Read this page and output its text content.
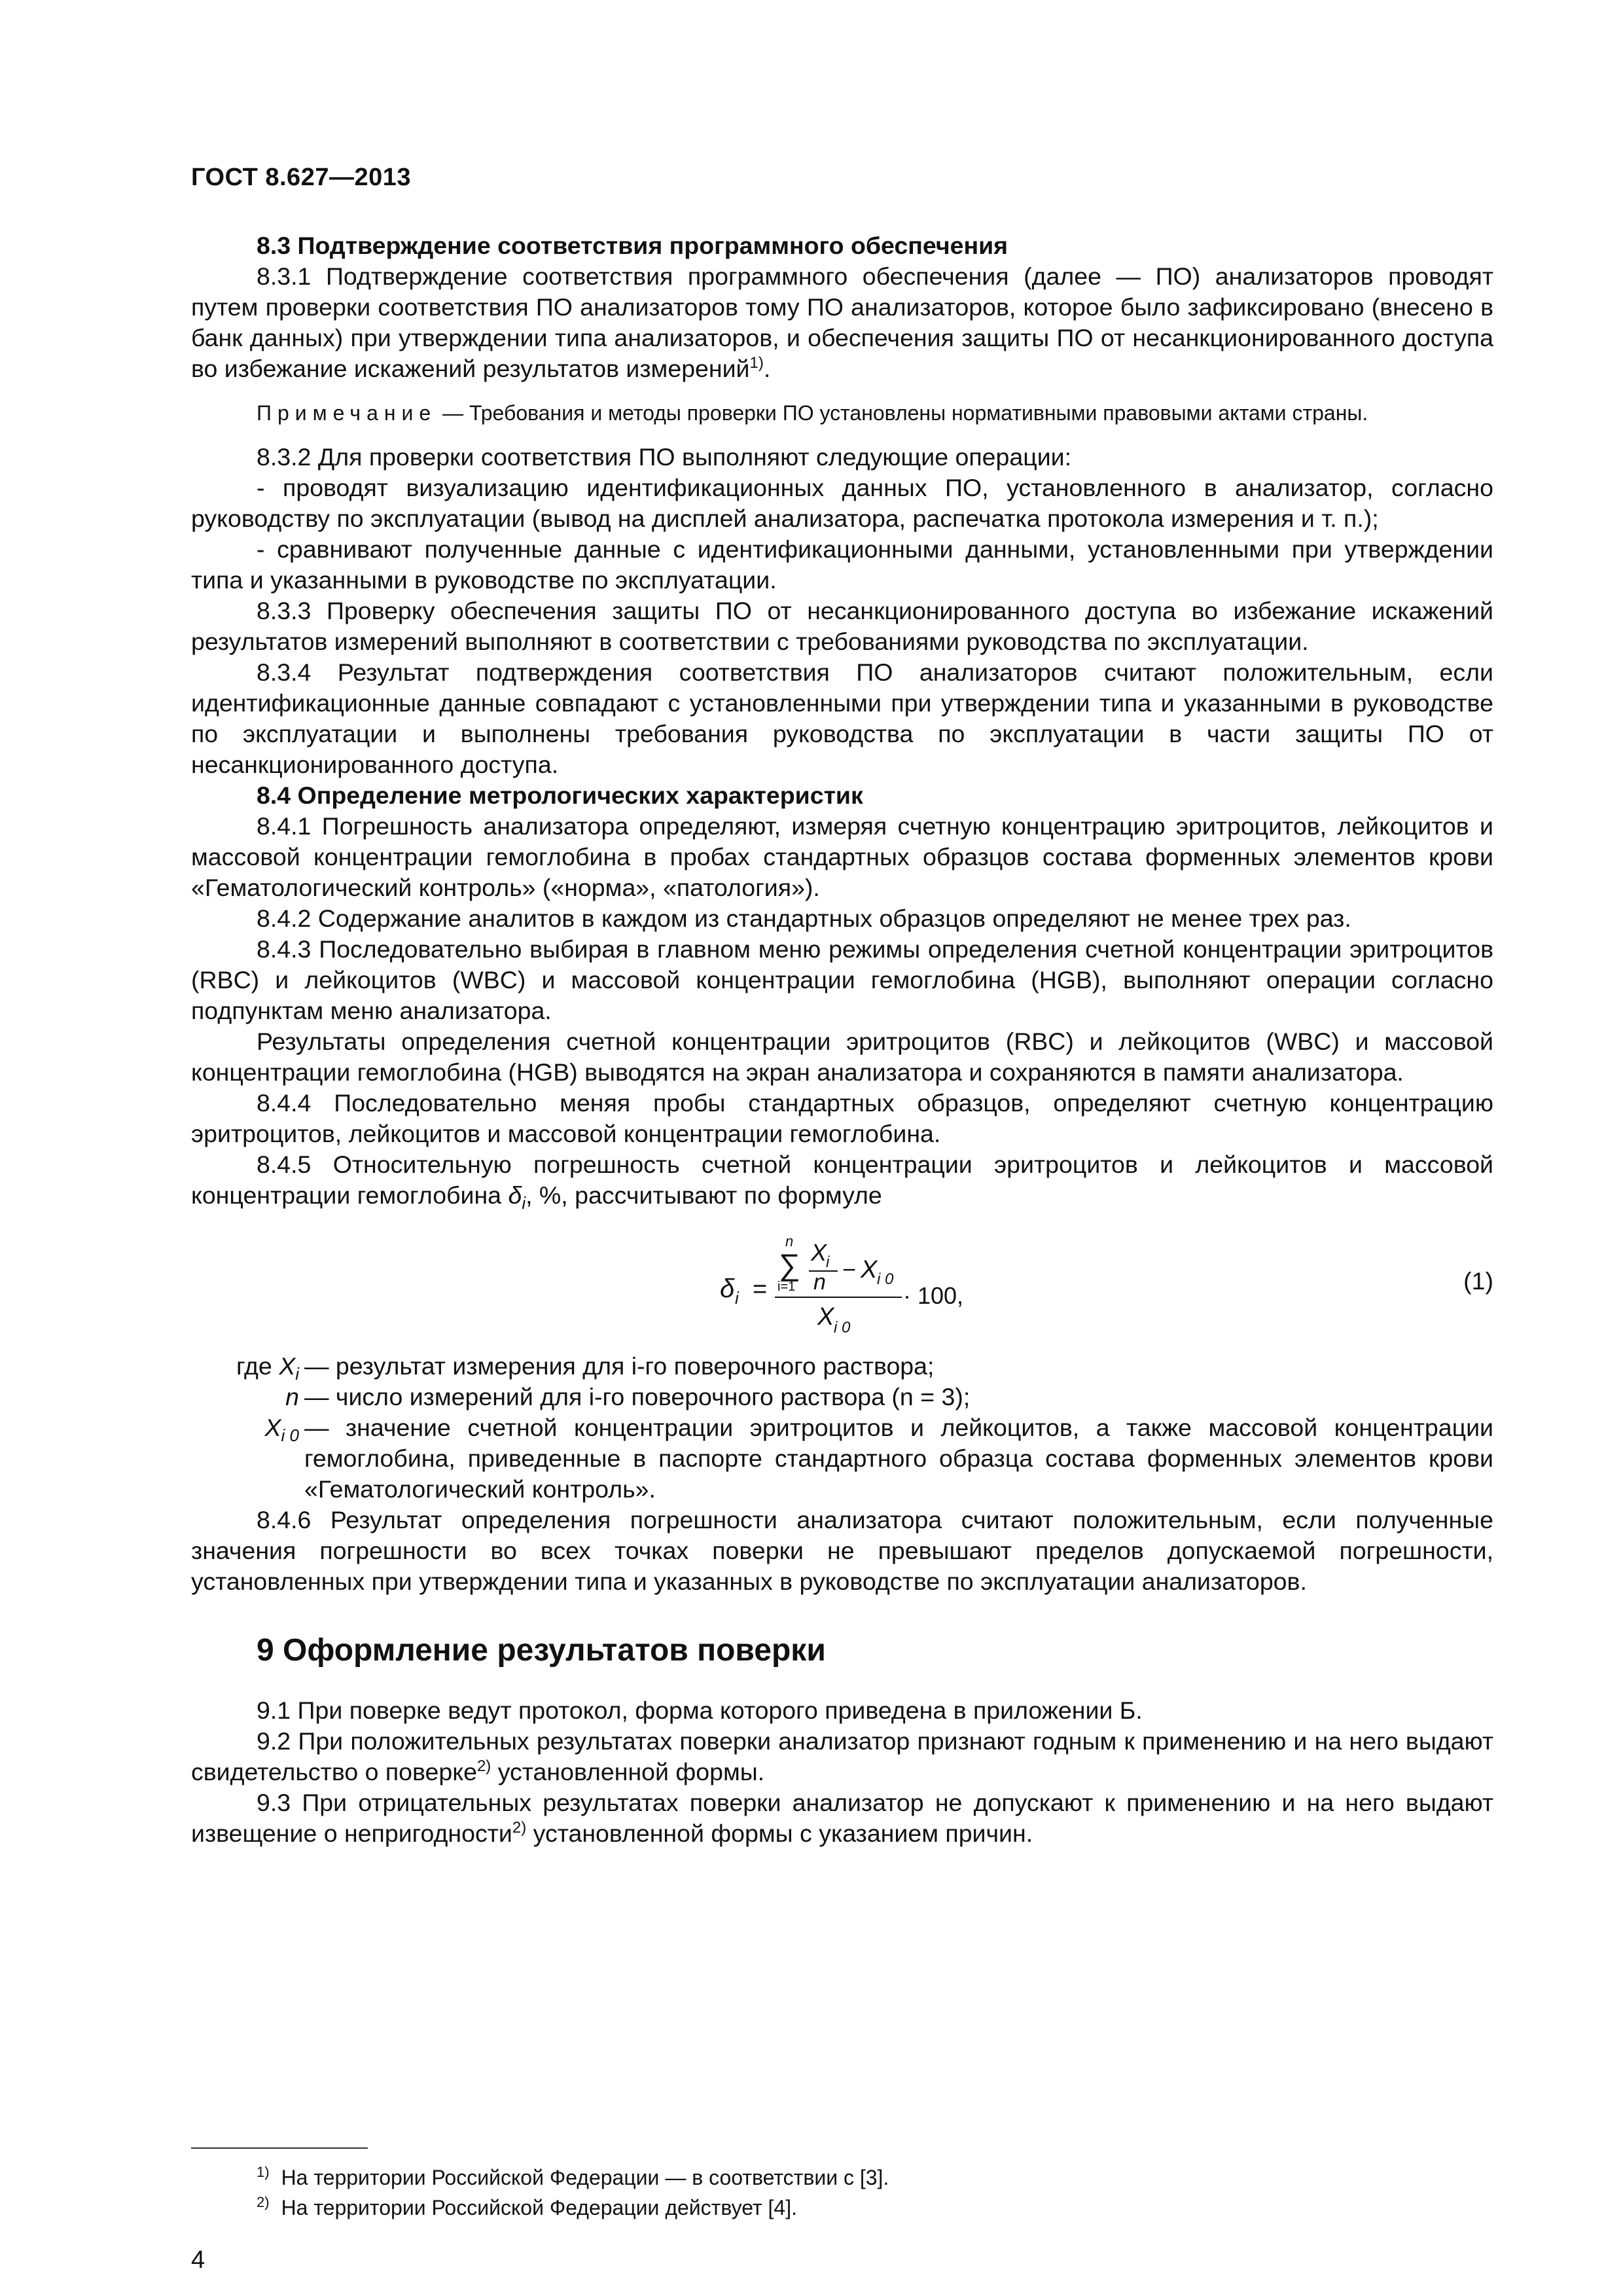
ГОСТ 8.627—2013

8.3 Подтверждение соответствия программного обеспечения

8.3.1 Подтверждение соответствия программного обеспечения (далее — ПО) анализаторов проводят путем проверки соответствия ПО анализаторов тому ПО анализаторов, которое было зафиксировано (внесено в банк данных) при утверждении типа анализаторов, и обеспечения защиты ПО от несанкционированного доступа во избежание искажений результатов измерений$^{1)}$.

Примечание — Требования и методы проверки ПО установлены нормативными правовыми актами страны.

8.3.2 Для проверки соответствия ПО выполняют следующие операции:

- проводят визуализацию идентификационных данных ПО, установленного в анализатор, согласно руководству по эксплуатации (вывод на дисплей анализатора, распечатка протокола измерения и т. п.);

- сравнивают полученные данные с идентификационными данными, установленными при утверждении типа и указанными в руководстве по эксплуатации.

8.3.3 Проверку обеспечения защиты ПО от несанкционированного доступа во избежание искажений результатов измерений выполняют в соответствии с требованиями руководства по эксплуатации.

8.3.4 Результат подтверждения соответствия ПО анализаторов считают положительным, если идентификационные данные совпадают с установленными при утверждении типа и указанными в руководстве по эксплуатации и выполнены требования руководства по эксплуатации в части защиты ПО от несанкционированного доступа.

8.4 Определение метрологических характеристик

8.4.1 Погрешность анализатора определяют, измеряя счетную концентрацию эритроцитов, лейкоцитов и массовой концентрации гемоглобина в пробах стандартных образцов состава форменных элементов крови «Гематологический контроль» («норма», «патология»).

8.4.2 Содержание аналитов в каждом из стандартных образцов определяют не менее трех раз.

8.4.3 Последовательно выбирая в главном меню режимы определения счетной концентрации эритроцитов (RBC) и лейкоцитов (WBC) и массовой концентрации гемоглобина (HGB), выполняют операции согласно подпунктам меню анализатора.

Результаты определения счетной концентрации эритроцитов (RBC) и лейкоцитов (WBC) и массовой концентрации гемоглобина (HGB) выводятся на экран анализатора и сохраняются в памяти анализатора.

8.4.4 Последовательно меняя пробы стандартных образцов, определяют счетную концентрацию эритроцитов, лейкоцитов и массовой концентрации гемоглобина.

8.4.5 Относительную погрешность счетной концентрации эритроцитов и лейкоцитов и массовой концентрации гемоглобина $\delta_i$, %, рассчитывают по формуле

δ i =
n
∑
i=1
X
i
n − X i 0
X i 0
· 100,
(1)
где $X_i$ — результат измерения для i-го поверочного раствора;
n — число измерений для i-го поверочного раствора (n = 3);
$X_{i 0}$ — значение счетной концентрации эритроцитов и лейкоцитов, а также массовой концентрации гемоглобина, приведенные в паспорте стандартного образца состава форменных элементов крови «Гематологический контроль».

8.4.6 Результат определения погрешности анализатора считают положительным, если полученные значения погрешности во всех точках поверки не превышают пределов допускаемой погрешности, установленных при утверждении типа и указанных в руководстве по эксплуатации анализаторов.

9 Оформление результатов поверки

9.1 При поверке ведут протокол, форма которого приведена в приложении Б.

9.2 При положительных результатах поверки анализатор признают годным к применению и на него выдают свидетельство о поверке$^{2)}$ установленной формы.

9.3 При отрицательных результатах поверки анализатор не допускают к применению и на него выдают извещение о непригодности$^{2)}$ установленной формы с указанием причин.

$^{1)}$ На территории Российской Федерации — в соответствии с [3].

$^{2)}$ На территории Российской Федерации действует [4].

4
